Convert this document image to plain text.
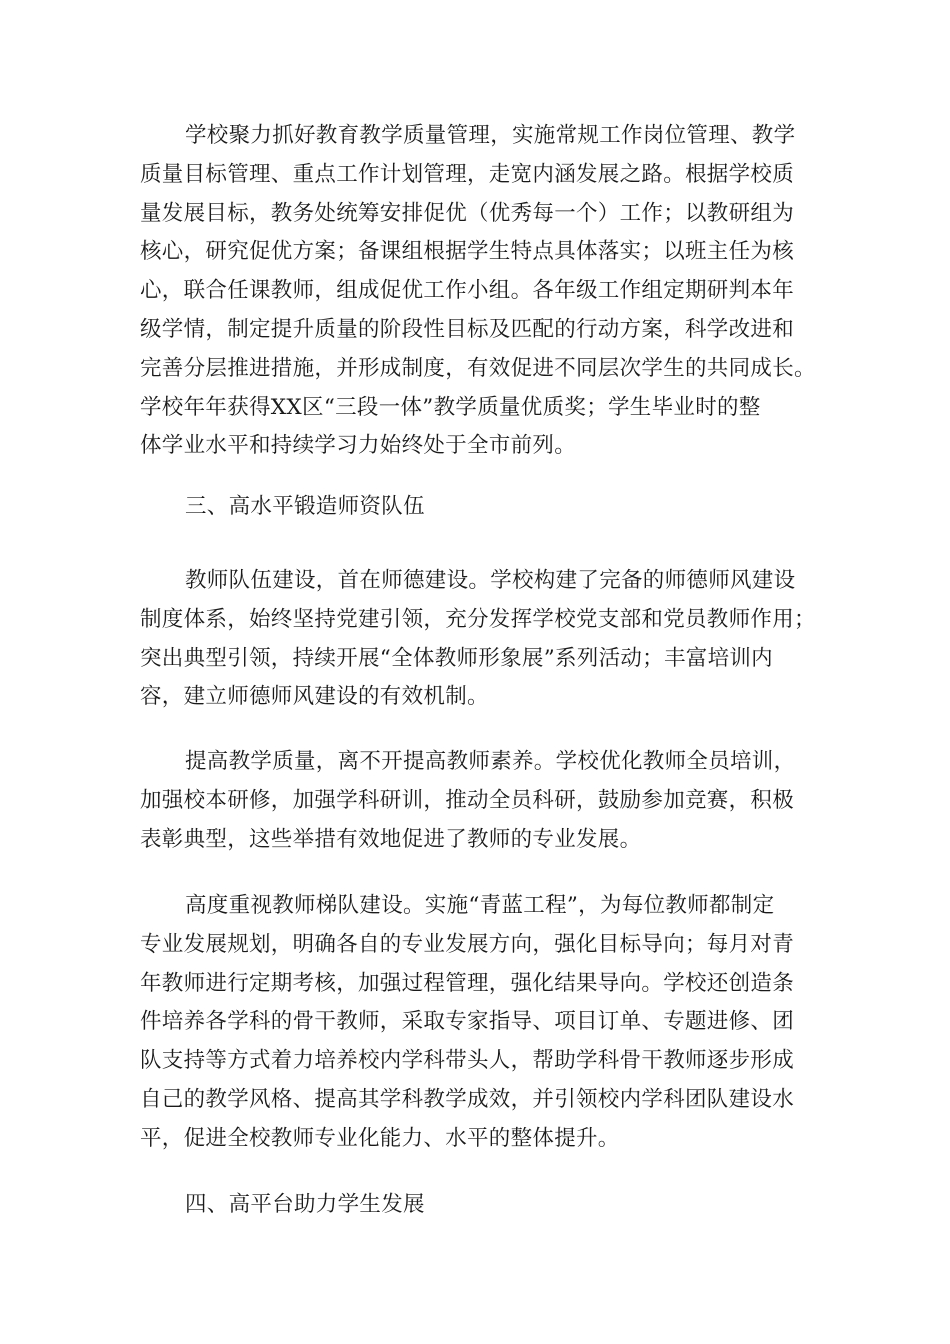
学校聚力抓好教育教学质量管理，实施常规工作岗位管理、教学
质量目标管理、重点工作计划管理，走宽内涵发展之路。根据学校质
量发展目标，教务处统筹安排促优（优秀每一个）工作；以教研组为
核心，研究促优方案；备课组根据学生特点具体落实；以班主任为核
心，联合任课教师，组成促优工作小组。各年级工作组定期研判本年
级学情，制定提升质量的阶段性目标及匹配的行动方案，科学改进和
完善分层推进措施，并形成制度，有效促进不同层次学生的共同成长。
学校年年获得XX区“三段一体”教学质量优质奖；学生毕业时的整
体学业水平和持续学习力始终处于全市前列。
三、高水平锻造师资队伍
教师队伍建设，首在师德建设。学校构建了完备的师德师风建设
制度体系，始终坚持党建引领，充分发挥学校党支部和党员教师作用；
突出典型引领，持续开展“全体教师形象展”系列活动；丰富培训内
容，建立师德师风建设的有效机制。
提高教学质量，离不开提高教师素养。学校优化教师全员培训，
加强校本研修，加强学科研训，推动全员科研，鼓励参加竞赛，积极
表彰典型，这些举措有效地促进了教师的专业发展。
高度重视教师梯队建设。实施“青蓝工程”，为每位教师都制定
专业发展规划，明确各自的专业发展方向，强化目标导向；每月对青
年教师进行定期考核，加强过程管理，强化结果导向。学校还创造条
件培养各学科的骨干教师，采取专家指导、项目订单、专题进修、团
队支持等方式着力培养校内学科带头人，帮助学科骨干教师逐步形成
自己的教学风格、提高其学科教学成效，并引领校内学科团队建设水
平，促进全校教师专业化能力、水平的整体提升。
四、高平台助力学生发展
